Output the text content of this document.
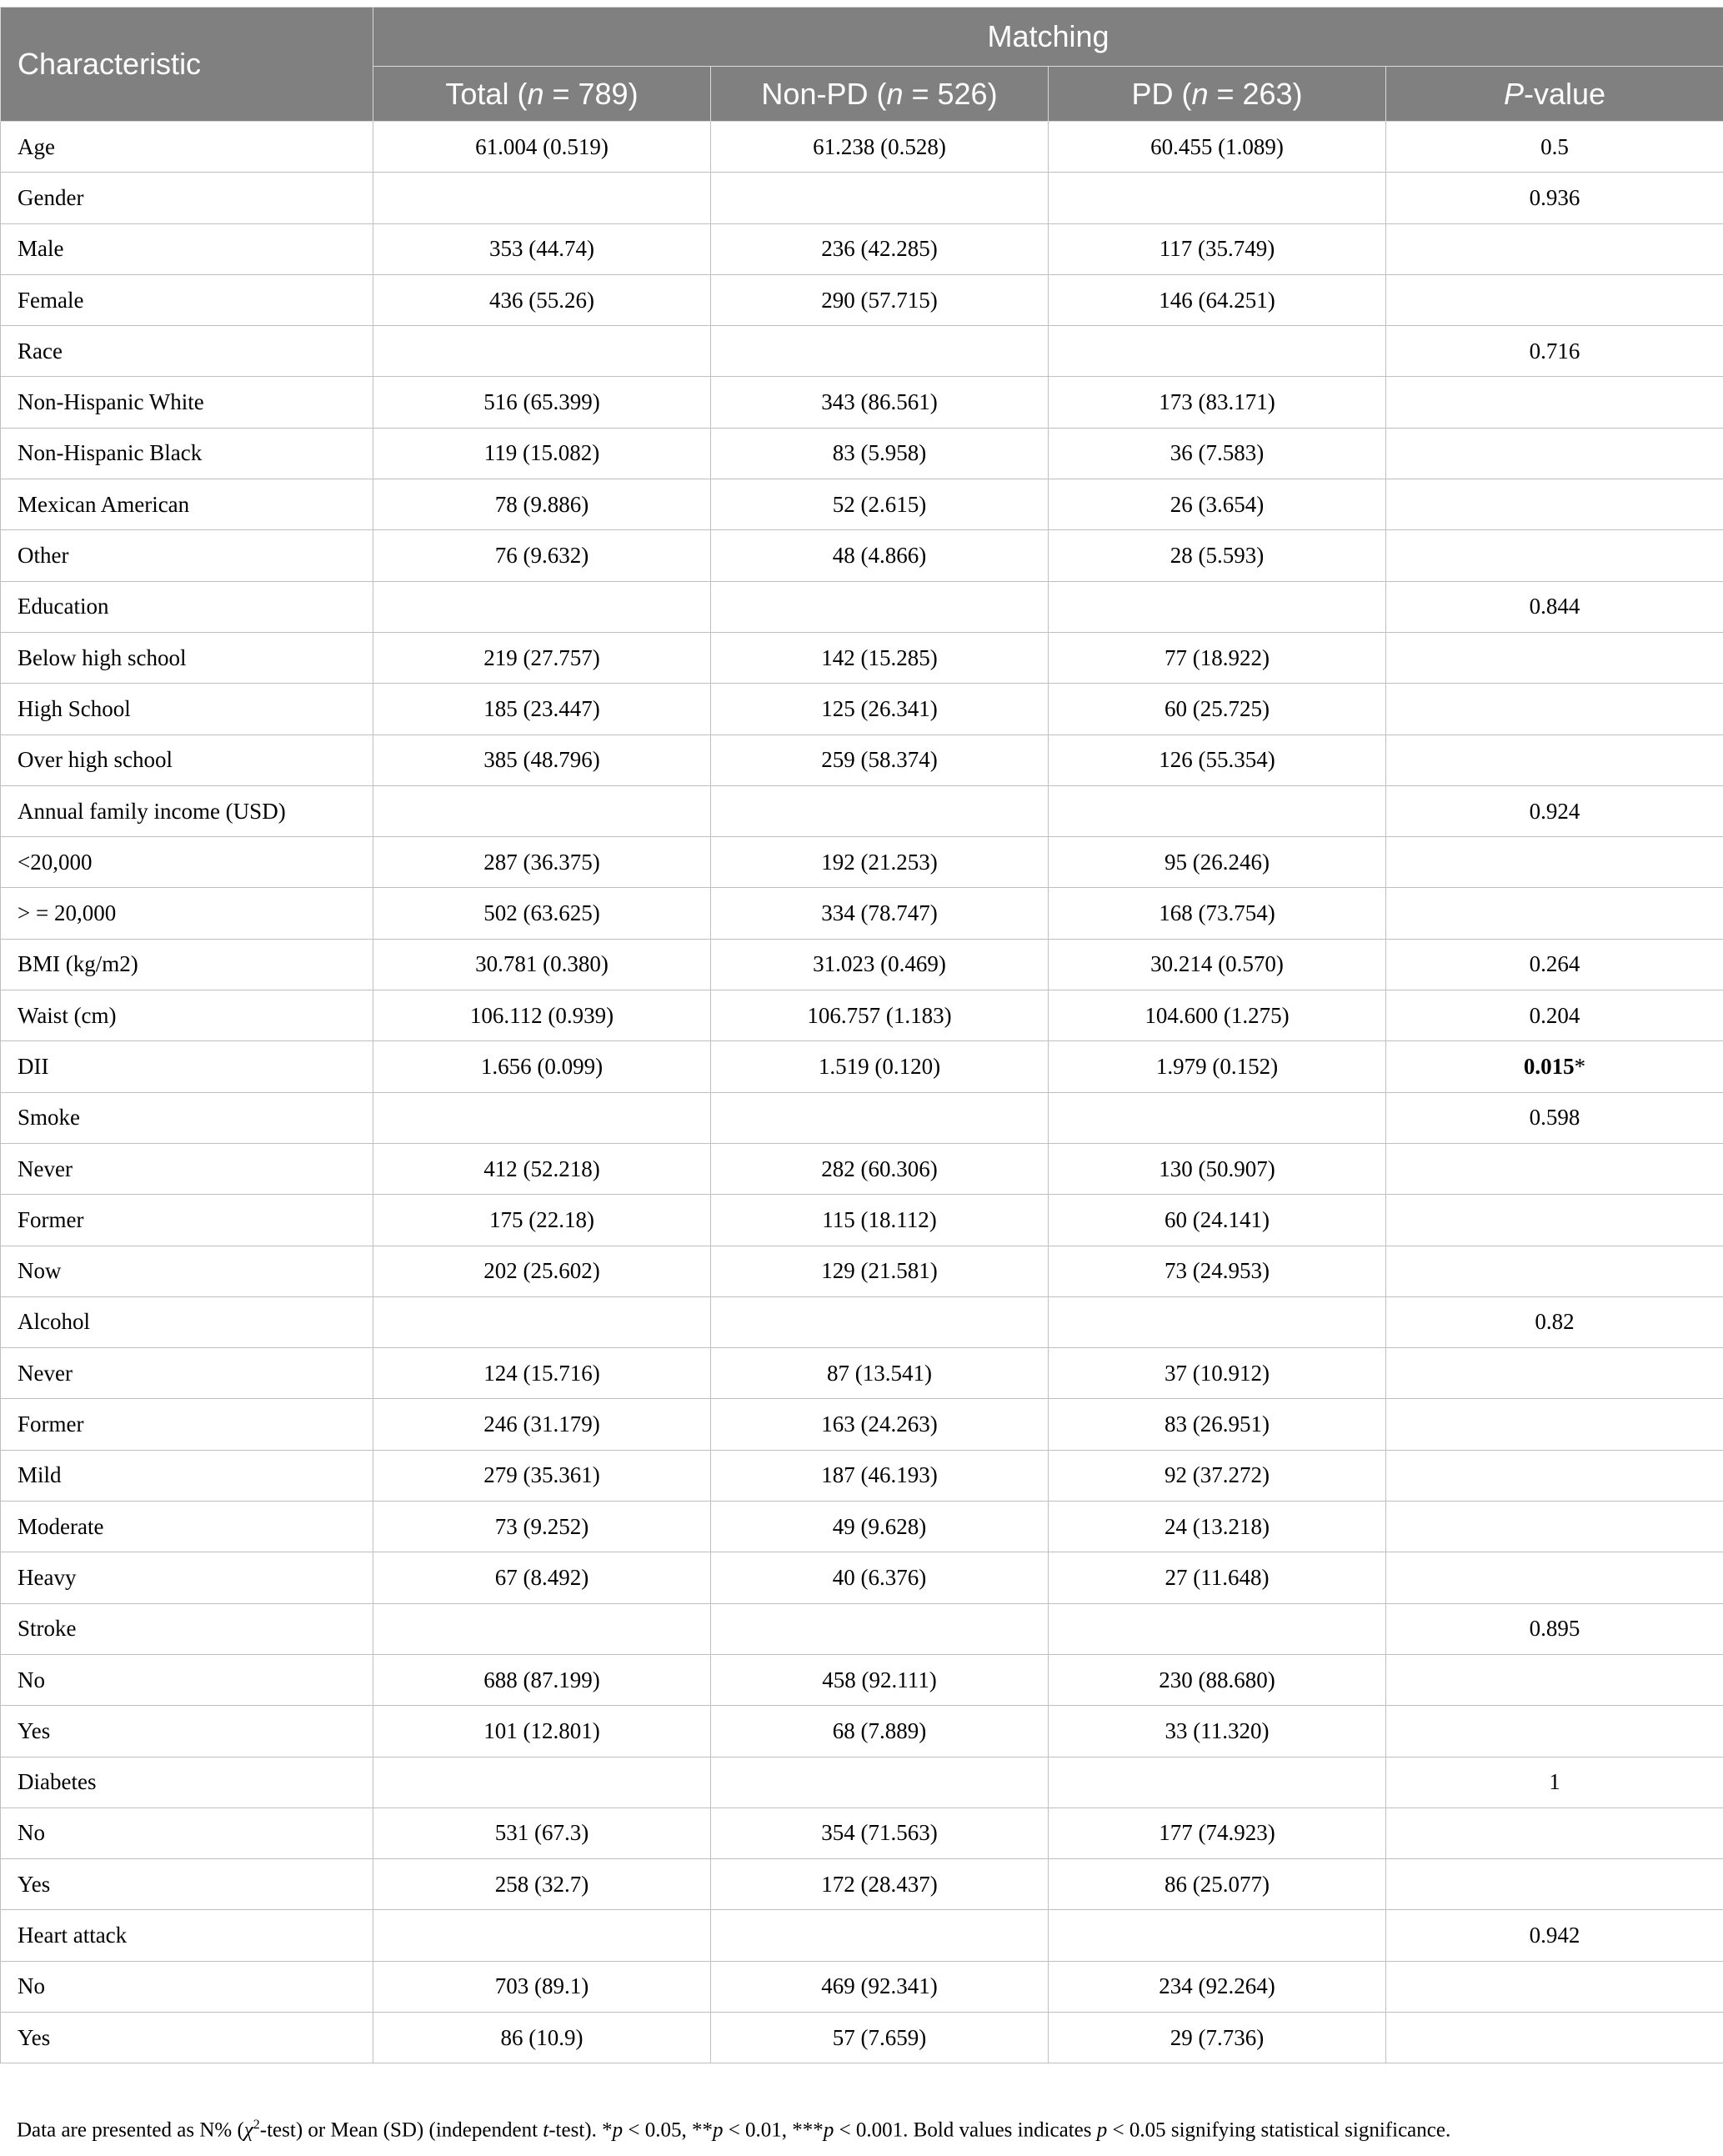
Characteristic	Matching			
	Total (n = 789)	Non-PD (n = 526)	PD (n = 263)	P-value
Age	61.004 (0.519)	61.238 (0.528)	60.455 (1.089)	0.5
Gender				0.936
Male	353 (44.74)	236 (42.285)	117 (35.749)	
Female	436 (55.26)	290 (57.715)	146 (64.251)	
Race				0.716
Non-Hispanic White	516 (65.399)	343 (86.561)	173 (83.171)	
Non-Hispanic Black	119 (15.082)	83 (5.958)	36 (7.583)	
Mexican American	78 (9.886)	52 (2.615)	26 (3.654)	
Other	76 (9.632)	48 (4.866)	28 (5.593)	
Education				0.844
Below high school	219 (27.757)	142 (15.285)	77 (18.922)	
High School	185 (23.447)	125 (26.341)	60 (25.725)	
Over high school	385 (48.796)	259 (58.374)	126 (55.354)	
Annual family income (USD)				0.924
<20,000	287 (36.375)	192 (21.253)	95 (26.246)	
> = 20,000	502 (63.625)	334 (78.747)	168 (73.754)	
BMI (kg/m2)	30.781 (0.380)	31.023 (0.469)	30.214 (0.570)	0.264
Waist (cm)	106.112 (0.939)	106.757 (1.183)	104.600 (1.275)	0.204
DII	1.656 (0.099)	1.519 (0.120)	1.979 (0.152)	0.015*
Smoke				0.598
Never	412 (52.218)	282 (60.306)	130 (50.907)	
Former	175 (22.18)	115 (18.112)	60 (24.141)	
Now	202 (25.602)	129 (21.581)	73 (24.953)	
Alcohol				0.82
Never	124 (15.716)	87 (13.541)	37 (10.912)	
Former	246 (31.179)	163 (24.263)	83 (26.951)	
Mild	279 (35.361)	187 (46.193)	92 (37.272)	
Moderate	73 (9.252)	49 (9.628)	24 (13.218)	
Heavy	67 (8.492)	40 (6.376)	27 (11.648)	
Stroke				0.895
No	688 (87.199)	458 (92.111)	230 (88.680)	
Yes	101 (12.801)	68 (7.889)	33 (11.320)	
Diabetes				1
No	531 (67.3)	354 (71.563)	177 (74.923)	
Yes	258 (32.7)	172 (28.437)	86 (25.077)	
Heart attack				0.942
No	703 (89.1)	469 (92.341)	234 (92.264)	
Yes	86 (10.9)	57 (7.659)	29 (7.736)	
Data are presented as N% $(\chi^2-test)$ or Mean (SD) (independent t-test). *p < 0.05, **p < 0.01, ***p < 0.001. Bold values indicates p < 0.05 signifying statistical significance.
